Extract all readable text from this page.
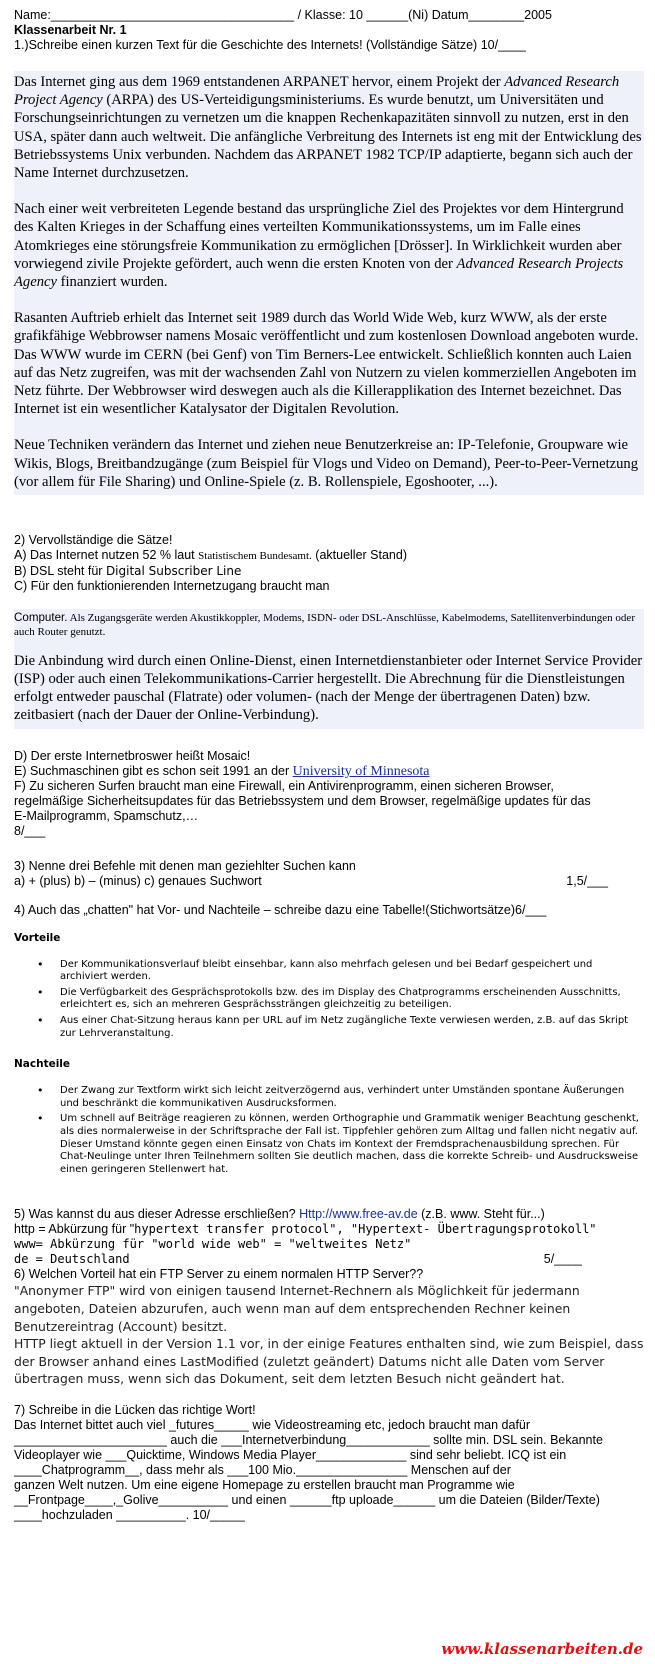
Name:___________________________________ / Klasse: 10 ______(Ni) Datum________2005
Klassenarbeit Nr. 1
1.)Schreibe einen kurzen Text für die Geschichte des Internets! (Vollständige Sätze) 10/____

Das Internet ging aus dem 1969 entstandenen ARPANET hervor, einem Projekt der Advanced Research Project Agency (ARPA) des US-Verteidigungsministeriums. Es wurde benutzt, um Universitäten und Forschungseinrichtungen zu vernetzen um die knappen Rechenkapazitäten sinnvoll zu nutzen, erst in den USA, später dann auch weltweit. Die anfängliche Verbreitung des Internets ist eng mit der Entwicklung des Betriebssystems Unix verbunden. Nachdem das ARPANET 1982 TCP/IP adaptierte, begann sich auch der Name Internet durchzusetzen.

Nach einer weit verbreiteten Legende bestand das ursprüngliche Ziel des Projektes vor dem Hintergrund des Kalten Krieges in der Schaffung eines verteilten Kommunikationssystems, um im Falle eines Atomkrieges eine störungsfreie Kommunikation zu ermöglichen [Drösser]. In Wirklichkeit wurden aber vorwiegend zivile Projekte gefördert, auch wenn die ersten Knoten von der Advanced Research Projects Agency finanziert wurden.

Rasanten Auftrieb erhielt das Internet seit 1989 durch das World Wide Web, kurz WWW, als der erste grafikfähige Webbrowser namens Mosaic veröffentlicht und zum kostenlosen Download angeboten wurde. Das WWW wurde im CERN (bei Genf) von Tim Berners-Lee entwickelt. Schließlich konnten auch Laien auf das Netz zugreifen, was mit der wachsenden Zahl von Nutzern zu vielen kommerziellen Angeboten im Netz führte. Der Webbrowser wird deswegen auch als die Killerapplikation des Internet bezeichnet. Das Internet ist ein wesentlicher Katalysator der Digitalen Revolution.

Neue Techniken verändern das Internet und ziehen neue Benutzerkreise an: IP-Telefonie, Groupware wie Wikis, Blogs, Breitbandzugänge (zum Beispiel für Vlogs und Video on Demand), Peer-to-Peer-Vernetzung (vor allem für File Sharing) und Online-Spiele (z. B. Rollenspiele, Egoshooter, ...).

2) Vervollständige die Sätze!
A) Das Internet nutzen 52 % laut Statistischem Bundesamt. (aktueller Stand)
B) DSL steht für Digital Subscriber Line
C) Für den funktionierenden Internetzugang braucht man
Computer. Als Zugangsgeräte werden Akustikkoppler, Modems, ISDN- oder DSL-Anschlüsse, Kabelmodems, Satellitenverbindungen oder auch Router genutzt.
Die Anbindung wird durch einen Online-Dienst, einen Internetdienstanbieter oder Internet Service Provider (ISP) oder auch einen Telekommunikations-Carrier hergestellt. Die Abrechnung für die Dienstleistungen erfolgt entweder pauschal (Flatrate) oder volumen- (nach der Menge der übertragenen Daten) bzw. zeitbasiert (nach der Dauer der Online-Verbindung).
D) Der erste Internetbroswer heißt Mosaic!
E) Suchmaschinen gibt es schon seit 1991 an der University of Minnesota
F) Zu sicheren Surfen braucht man eine Firewall, ein Antivirenprogramm, einen sicheren Browser,
regelmäßige Sicherheitsupdates für das Betriebssystem und dem Browser, regelmäßige updates für das
E-Mailprogramm, Spamschutz,…
8/___
3) Nenne drei Befehle mit denen man geziehlter Suchen kann
a) + (plus) b) – (minus) c) genaues Suchwort	1,5/___
4) Auch das „chatten" hat Vor- und Nachteile – schreibe dazu eine Tabelle!(Stichwortsätze)6/___
Vorteile
• Der Kommunikationsverlauf bleibt einsehbar, kann also mehrfach gelesen und bei Bedarf gespeichert und archiviert werden.
• Die Verfügbarkeit des Gesprächsprotokolls bzw. des im Display des Chatprogramms erscheinenden Ausschnitts, erleichtert es, sich an mehreren Gesprächssträngen gleichzeitig zu beteiligen.
• Aus einer Chat-Sitzung heraus kann per URL auf im Netz zugängliche Texte verwiesen werden, z.B. auf das Skript zur Lehrveranstaltung.
Nachteile
• Der Zwang zur Textform wirkt sich leicht zeitverzögernd aus, verhindert unter Umständen spontane Äußerungen und beschränkt die kommunikativen Ausdrucksformen.
• Um schnell auf Beiträge reagieren zu können, werden Orthographie und Grammatik weniger Beachtung geschenkt, als dies normalerweise in der Schriftsprache der Fall ist. Tippfehler gehören zum Alltag und fallen nicht negativ auf. Dieser Umstand könnte gegen einen Einsatz von Chats im Kontext der Fremdsprachenausbildung sprechen. Für Chat-Neulinge unter Ihren Teilnehmern sollten Sie deutlich machen, dass die korrekte Schreib- und Ausdrucksweise einen geringeren Stellenwert hat.
5) Was kannst du aus dieser Adresse erschließen? Http://www.free-av.de (z.B. www. Steht für...)
http = Abkürzung für "hypertext transfer protocol", "Hypertext- Übertragungsprotokoll"
www= Abkürzung für "world wide web" = "weltweites Netz"
de = Deutschland	5/____
6) Welchen Vorteil hat ein FTP Server zu einem normalen HTTP Server??

"Anonymer FTP" wird von einigen tausend Internet-Rechnern als Möglichkeit für jedermann angeboten, Dateien abzurufen, auch wenn man auf dem entsprechenden Rechner keinen Benutzereintrag (Account) besitzt.

HTTP liegt aktuell in der Version 1.1 vor, in der einige Features enthalten sind, wie zum Beispiel, dass der Browser anhand eines LastModified (zuletzt geändert) Datums nicht alle Daten vom Server übertragen muss, wenn sich das Dokument, seit dem letzten Besuch nicht geändert hat.

7) Schreibe in die Lücken das richtige Wort!
Das Internet bittet auch viel _futures_____ wie Videostreaming etc, jedoch braucht man dafür
______________________ auch die ___Internetverbindung____________ sollte min. DSL sein. Bekannte
Videoplayer wie ___Quicktime, Windows Media Player_____________ sind sehr beliebt. ICQ ist ein
____Chatprogramm__, dass mehr als ___100 Mio.________________ Menschen auf der
ganzen Welt nutzen. Um eine eigene Homepage zu erstellen braucht man Programme wie
__Frontpage____,_Golive__________ und einen ______ftp uploade______ um die Dateien (Bilder/Texte)
____hochzuladen __________. 10/_____
www.klassenarbeiten.de
